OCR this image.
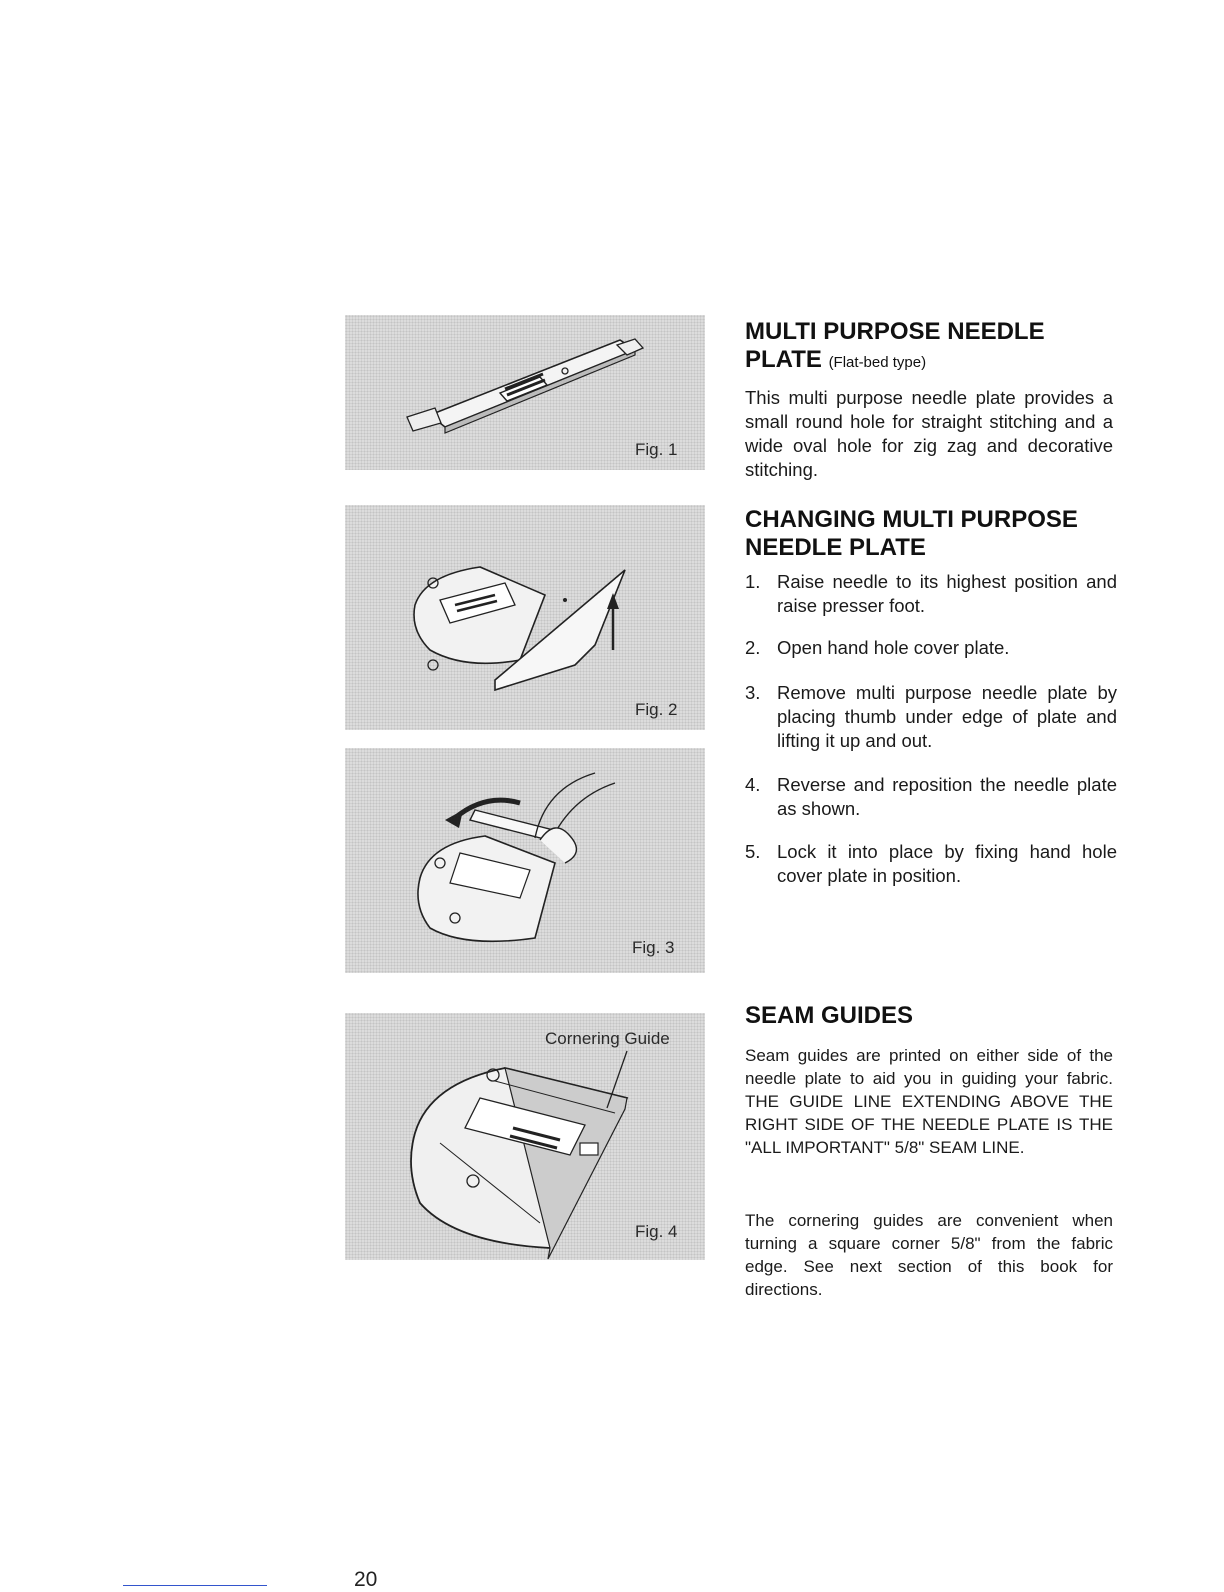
Fig. 1
Fig. 2
Fig. 3
Cornering Guide
Fig. 4
MULTI PURPOSE NEEDLE
PLATE (Flat-bed type)

This multi purpose needle plate provides a small round hole for straight stitching and a wide oval hole for zig zag and decorative stitching.

CHANGING MULTI PURPOSE
NEEDLE PLATE
1. Raise needle to its highest position and raise presser foot.
2. Open hand hole cover plate.
3. Remove multi purpose needle plate by placing thumb under edge of plate and lifting it up and out.
4. Reverse and reposition the needle plate as shown.
5. Lock it into place by fixing hand hole cover plate in position.
SEAM GUIDES

Seam guides are printed on either side of the needle plate to aid you in guiding your fabric. THE GUIDE LINE EXTENDING ABOVE THE RIGHT SIDE OF THE NEEDLE PLATE IS THE "ALL IMPORTANT" 5/8" SEAM LINE.

The cornering guides are convenient when turning a square corner 5/8" from the fabric edge. See next section of this book for directions.

20
